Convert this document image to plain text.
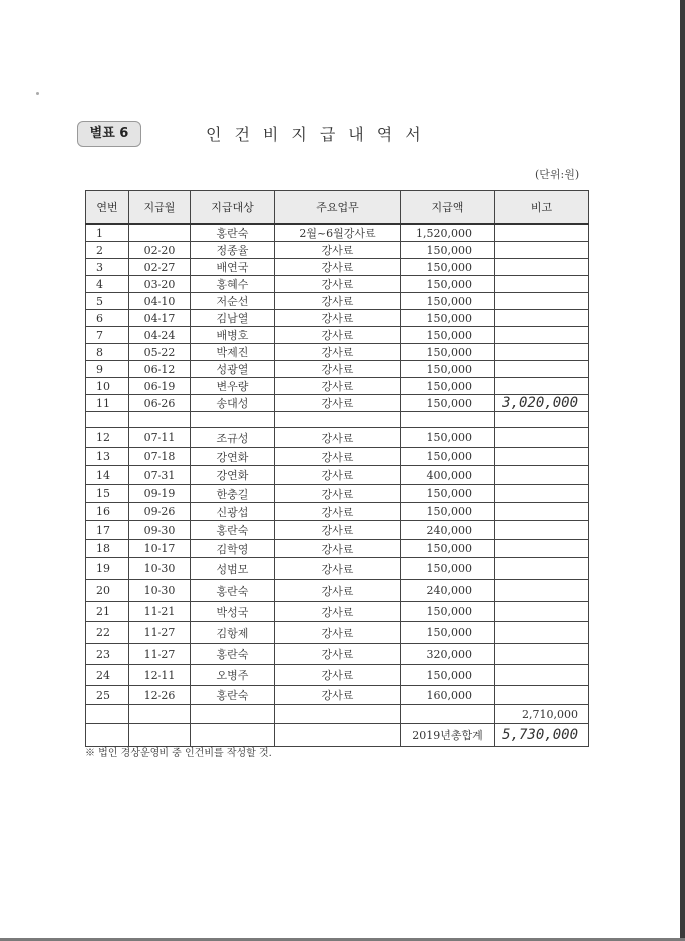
별표 6	인건비지급내역서
(단위:원)
연번	지급월	지급대상	주요업무	지급액	비고
1		홍란숙	2월~6월강사료	1,520,000	
2	02-20	정종율	강사료	150,000	
3	02-27	배연국	강사료	150,000	
4	03-20	홍혜수	강사료	150,000	
5	04-10	저순선	강사료	150,000	
6	04-17	김남열	강사료	150,000	
7	04-24	배병호	강사료	150,000	
8	05-22	박제진	강사료	150,000	
9	06-12	성광열	강사료	150,000	
10	06-19	변우량	강사료	150,000	
11	06-26	송대성	강사료	150,000	3,020,000

12	07-11	조규성	강사료	150,000	
13	07-18	강연화	강사료	150,000	
14	07-31	강연화	강사료	400,000	
15	09-19	한충길	강사료	150,000	
16	09-26	신광섭	강사료	150,000	
17	09-30	홍란숙	강사료	240,000	
18	10-17	김학영	강사료	150,000	
19	10-30	성범모	강사료	150,000	
20	10-30	홍란숙	강사료	240,000	
21	11-21	박성국	강사료	150,000	
22	11-27	김항제	강사료	150,000	
23	11-27	홍란숙	강사료	320,000	
24	12-11	오병주	강사료	150,000	
25	12-26	홍란숙	강사료	160,000	
					2,710,000
				2019년총합계	5,730,000
※ 법인 경상운영비 중 인건비를 작성할 것.
